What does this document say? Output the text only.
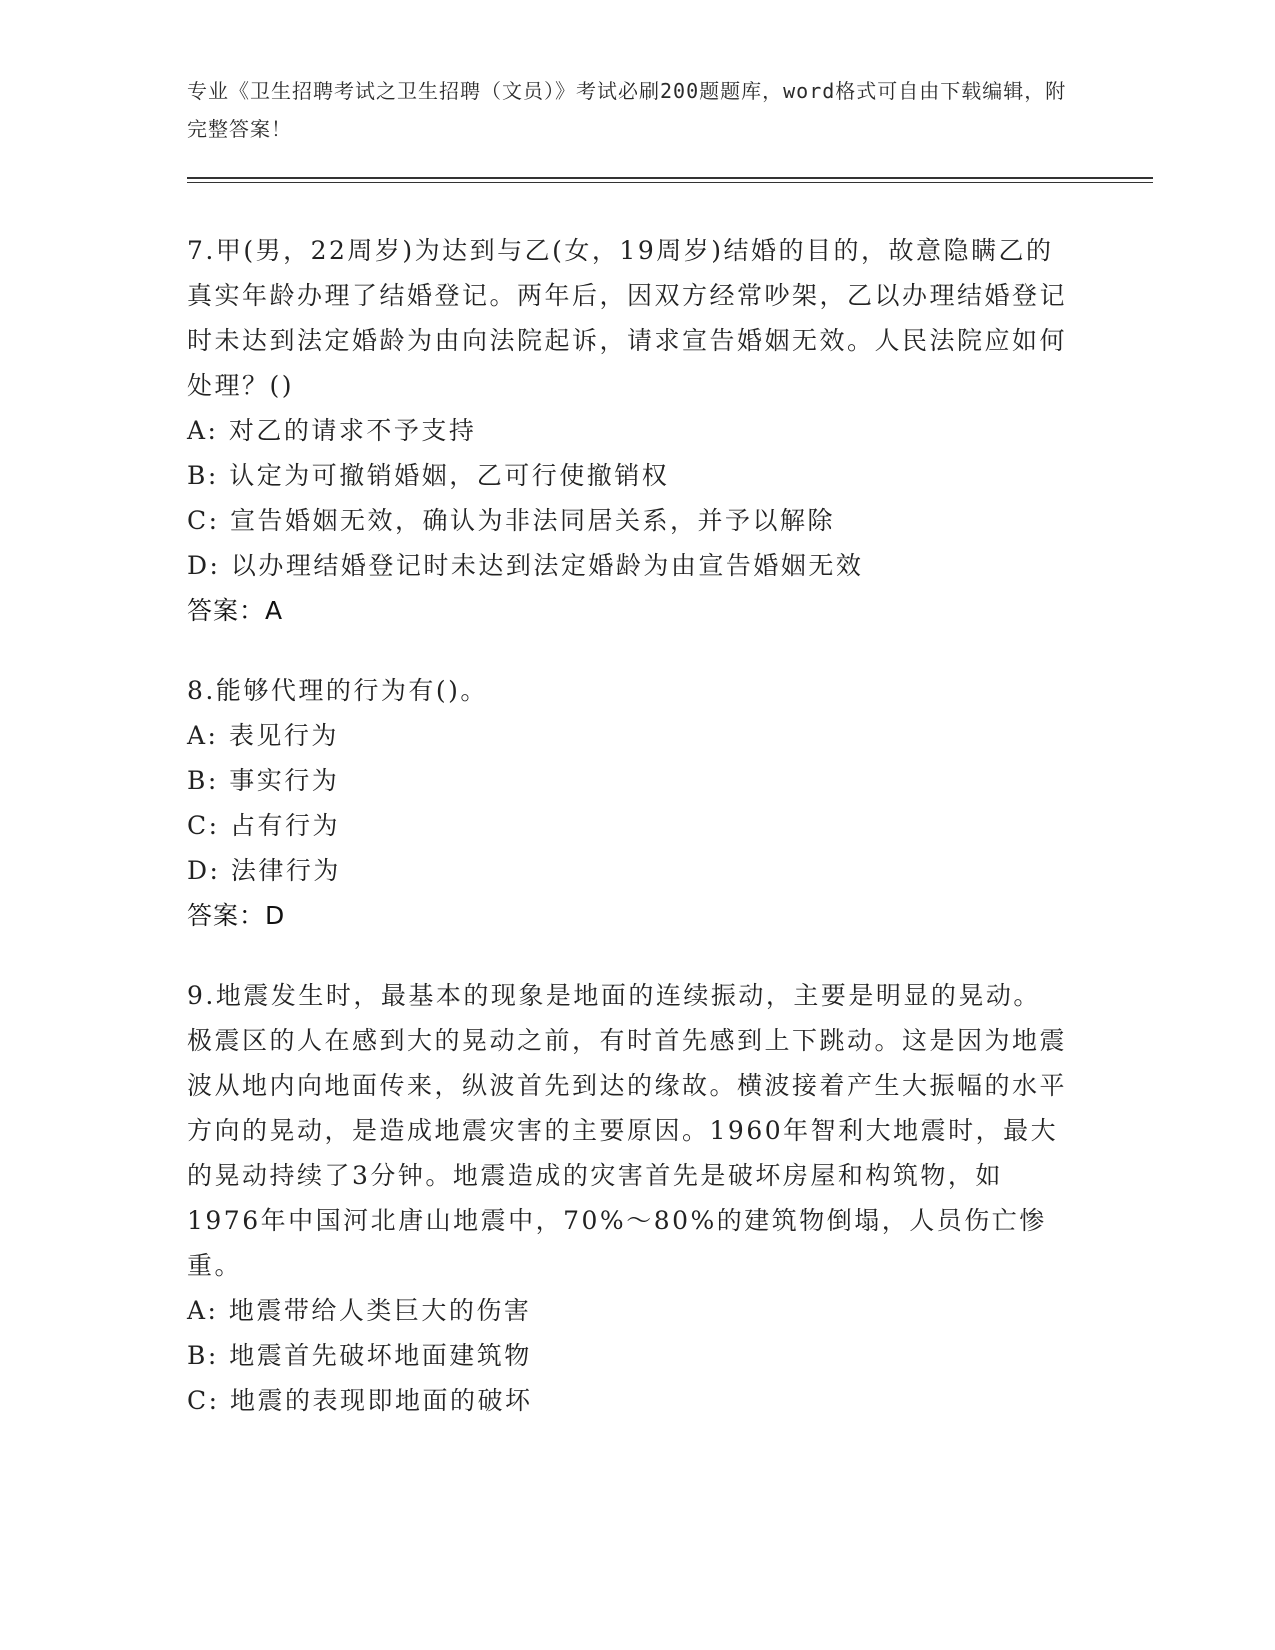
专业《卫生招聘考试之卫生招聘（文员）》考试必刷200题题库，word格式可自由下载编辑，附完整答案！

7.甲(男，22周岁)为达到与乙(女，19周岁)结婚的目的，故意隐瞒乙的真实年龄办理了结婚登记。两年后，因双方经常吵架，乙以办理结婚登记时未达到法定婚龄为由向法院起诉，请求宣告婚姻无效。人民法院应如何处理？()

A: 对乙的请求不予支持

B: 认定为可撤销婚姻，乙可行使撤销权

C: 宣告婚姻无效，确认为非法同居关系，并予以解除

D: 以办理结婚登记时未达到法定婚龄为由宣告婚姻无效

答案：A

8.能够代理的行为有()。

A: 表见行为

B: 事实行为

C: 占有行为

D: 法律行为

答案：D

9.地震发生时，最基本的现象是地面的连续振动，主要是明显的晃动。极震区的人在感到大的晃动之前，有时首先感到上下跳动。这是因为地震波从地内向地面传来，纵波首先到达的缘故。横波接着产生大振幅的水平方向的晃动，是造成地震灾害的主要原因。1960年智利大地震时，最大的晃动持续了3分钟。地震造成的灾害首先是破坏房屋和构筑物，如1976年中国河北唐山地震中，70%～80%的建筑物倒塌，人员伤亡惨重。

A: 地震带给人类巨大的伤害

B: 地震首先破坏地面建筑物

C: 地震的表现即地面的破坏
